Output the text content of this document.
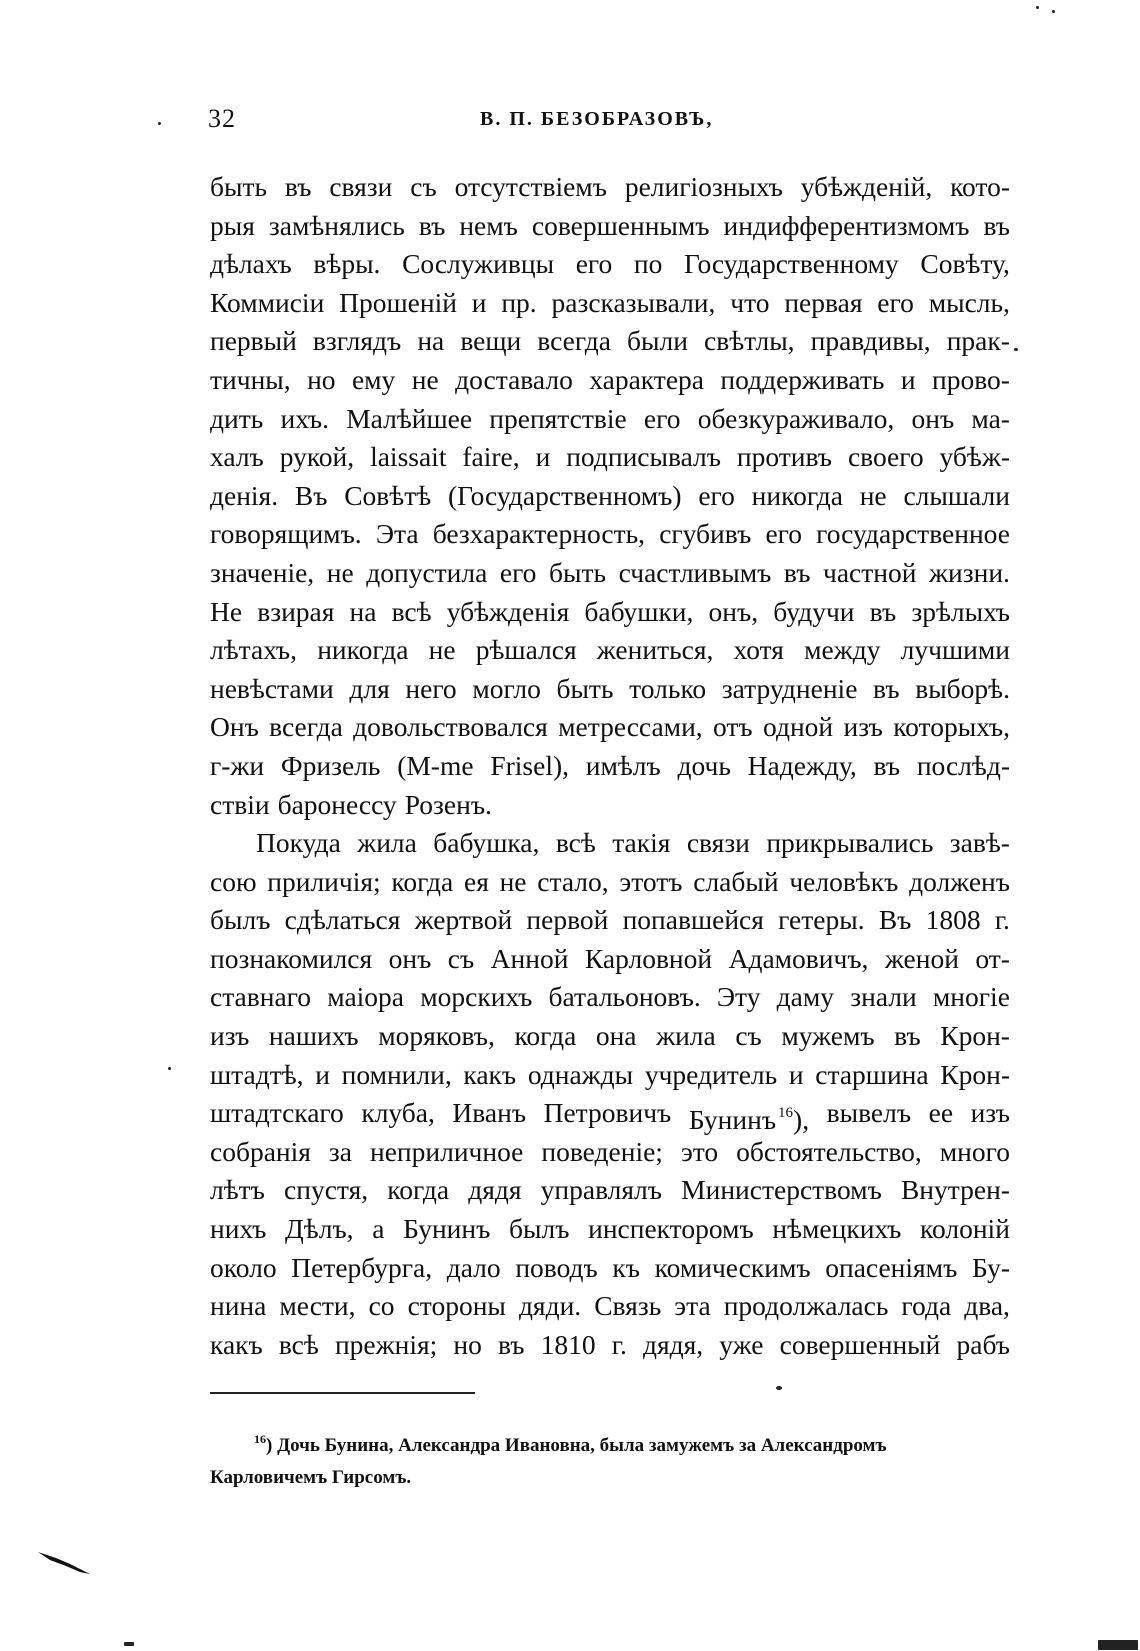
32	В. П. БЕЗОБРАЗОВЪ,
быть въ связи съ отсутствіемъ религіозныхъ убѣжденій, кото-
рыя замѣнялись въ немъ совершеннымъ индифферентизмомъ въ
дѣлахъ вѣры. Сослуживцы его по Государственному Совѣту,
Коммисіи Прошеній и пр. разсказывали, что первая его мысль,
первый взглядъ на вещи всегда были свѣтлы, правдивы, прак-
тичны, но ему не доставало характера поддерживать и прово-
дить ихъ. Малѣйшее препятствіе его обезкураживало, онъ ма-
халъ рукой, laissait faire, и подписывалъ противъ своего убѣж-
денія. Въ Совѣтѣ (Государственномъ) его никогда не слышали
говорящимъ. Эта безхарактерность, сгубивъ его государственное
значеніе, не допустила его быть счастливымъ въ частной жизни.
Не взирая на всѣ убѣжденія бабушки, онъ, будучи въ зрѣлыхъ
лѣтахъ, никогда не рѣшался жениться, хотя между лучшими
невѣстами для него могло быть только затрудненіе въ выборѣ.
Онъ всегда довольствовался метрессами, отъ одной изъ которыхъ,
г-жи Фризель (M-me Frisel), имѣлъ дочь Надежду, въ послѣд-
ствіи баронессу Розенъ.
Покуда жила бабушка, всѣ такія связи прикрывались завѣ-
сою приличія; когда ея не стало, этотъ слабый человѣкъ долженъ
былъ сдѣлаться жертвой первой попавшейся гетеры. Въ 1808 г.
познакомился онъ съ Анной Карловной Адамовичъ, женой от-
ставнаго маіора морскихъ батальоновъ. Эту даму знали многіе
изъ нашихъ моряковъ, когда она жила съ мужемъ въ Крон-
штадтѣ, и помнили, какъ однажды учредитель и старшина Крон-
штадтскаго клуба, Иванъ Петровичъ Бунинъ $^{16}$), вывелъ ее изъ
собранія за неприличное поведеніе; это обстоятельство, много
лѣтъ спустя, когда дядя управлялъ Министерствомъ Внутрен-
нихъ Дѣлъ, а Бунинъ былъ инспекторомъ нѣмецкихъ колоній
около Петербурга, дало поводъ къ комическимъ опасеніямъ Бу-
нина мести, со стороны дяди. Связь эта продолжалась года два,
какъ всѣ прежнія; но въ 1810 г. дядя, уже совершенный рабъ
$^{16}$) Дочь Бунина, Александра Ивановна, была замужемъ за Александромъ
Карловичемъ Гирсомъ.
